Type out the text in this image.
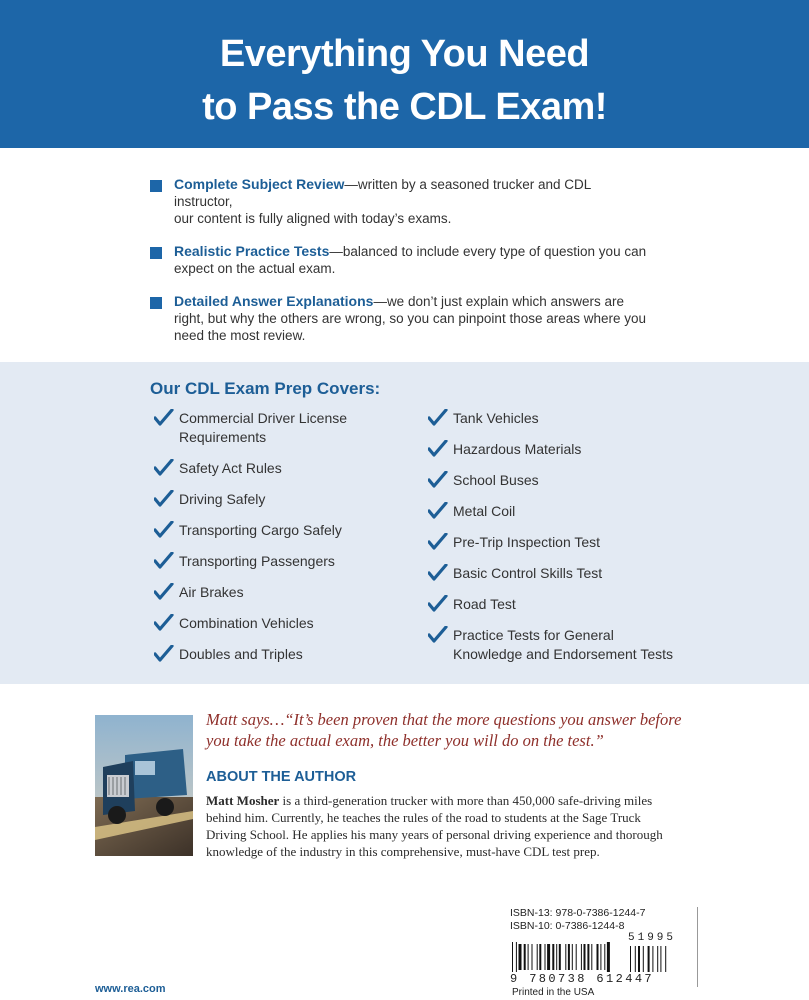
Everything You Need
to Pass the CDL Exam!
Complete Subject Review—written by a seasoned trucker and CDL instructor,
our content is fully aligned with today’s exams.
Realistic Practice Tests—balanced to include every type of question you can
expect on the actual exam.
Detailed Answer Explanations—we don’t just explain which answers are
right, but why the others are wrong, so you can pinpoint those areas where you
need the most review.
Our CDL Exam Prep Covers:
Commercial Driver License
Requirements
Safety Act Rules
Driving Safely
Transporting Cargo Safely
Transporting Passengers
Air Brakes
Combination Vehicles
Doubles and Triples
Tank Vehicles
Hazardous Materials
School Buses
Metal Coil
Pre-Trip Inspection Test
Basic Control Skills Test
Road Test
Practice Tests for General
Knowledge and Endorsement Tests
Matt says…“It’s been proven that the more questions you answer before
you take the actual exam, the better you will do on the test.”
ABOUT THE AUTHOR
Matt Mosher is a third-generation trucker with more than 450,000 safe-driving miles
behind him. Currently, he teaches the rules of the road to students at the Sage Truck
Driving School. He applies his many years of personal driving experience and thorough
knowledge of the industry in this comprehensive, must-have CDL test prep.
www.rea.com
ISBN-13: 978-0-7386-1244-7
ISBN-10: 0-7386-1244-8
51995
9 780738 612447
Printed in the USA
